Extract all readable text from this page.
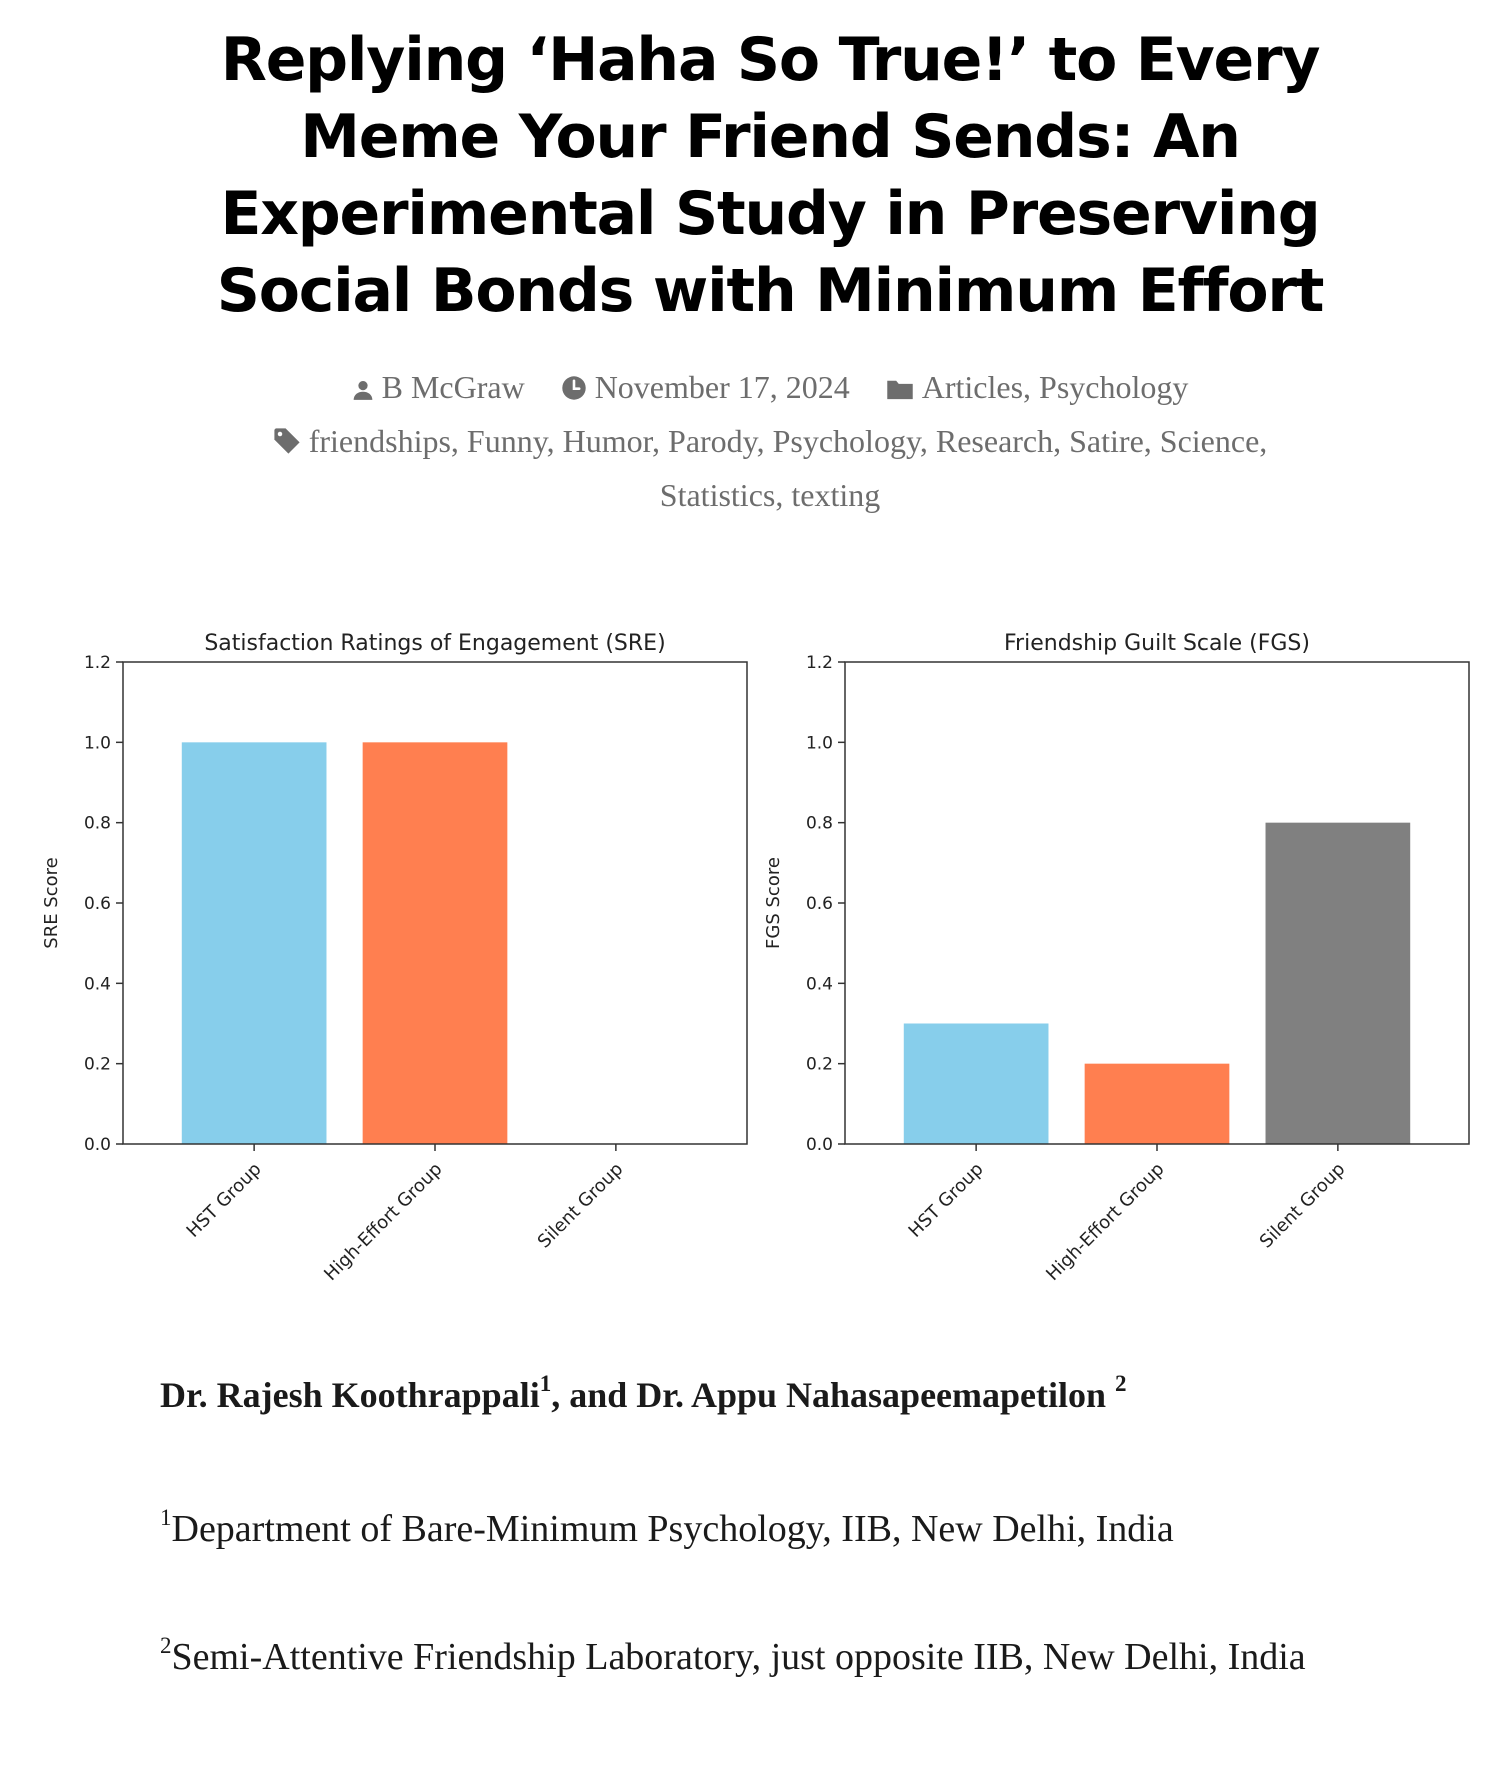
Replying ‘Haha So True!’ to Every Meme Your Friend Sends: An Experimental Study in Preserving Social Bonds with Minimum Effort
B McGraw November 17, 2024 Articles, Psychology
friendships, Funny, Humor, Parody, Psychology, Research, Satire, Science,
Statistics, texting
Satisfaction Ratings of Engagement (SRE)
0.0
0.2
0.4
0.6
0.8
1.0
1.2
SRE Score
HST Group	High-Effort Group	Silent Group
Friendship Guilt Scale (FGS)
0.0
0.2
0.4
0.6
0.8
1.0
1.2
FGS Score
HST Group	High-Effort Group	Silent Group
Dr. Rajesh Koothrappali$^1$, and Dr. Appu Nahasapeemapetilon $^2$
$^1$Department of Bare-Minimum Psychology, IIB, New Delhi, India
$^2$Semi-Attentive Friendship Laboratory, just opposite IIB, New Delhi, India
